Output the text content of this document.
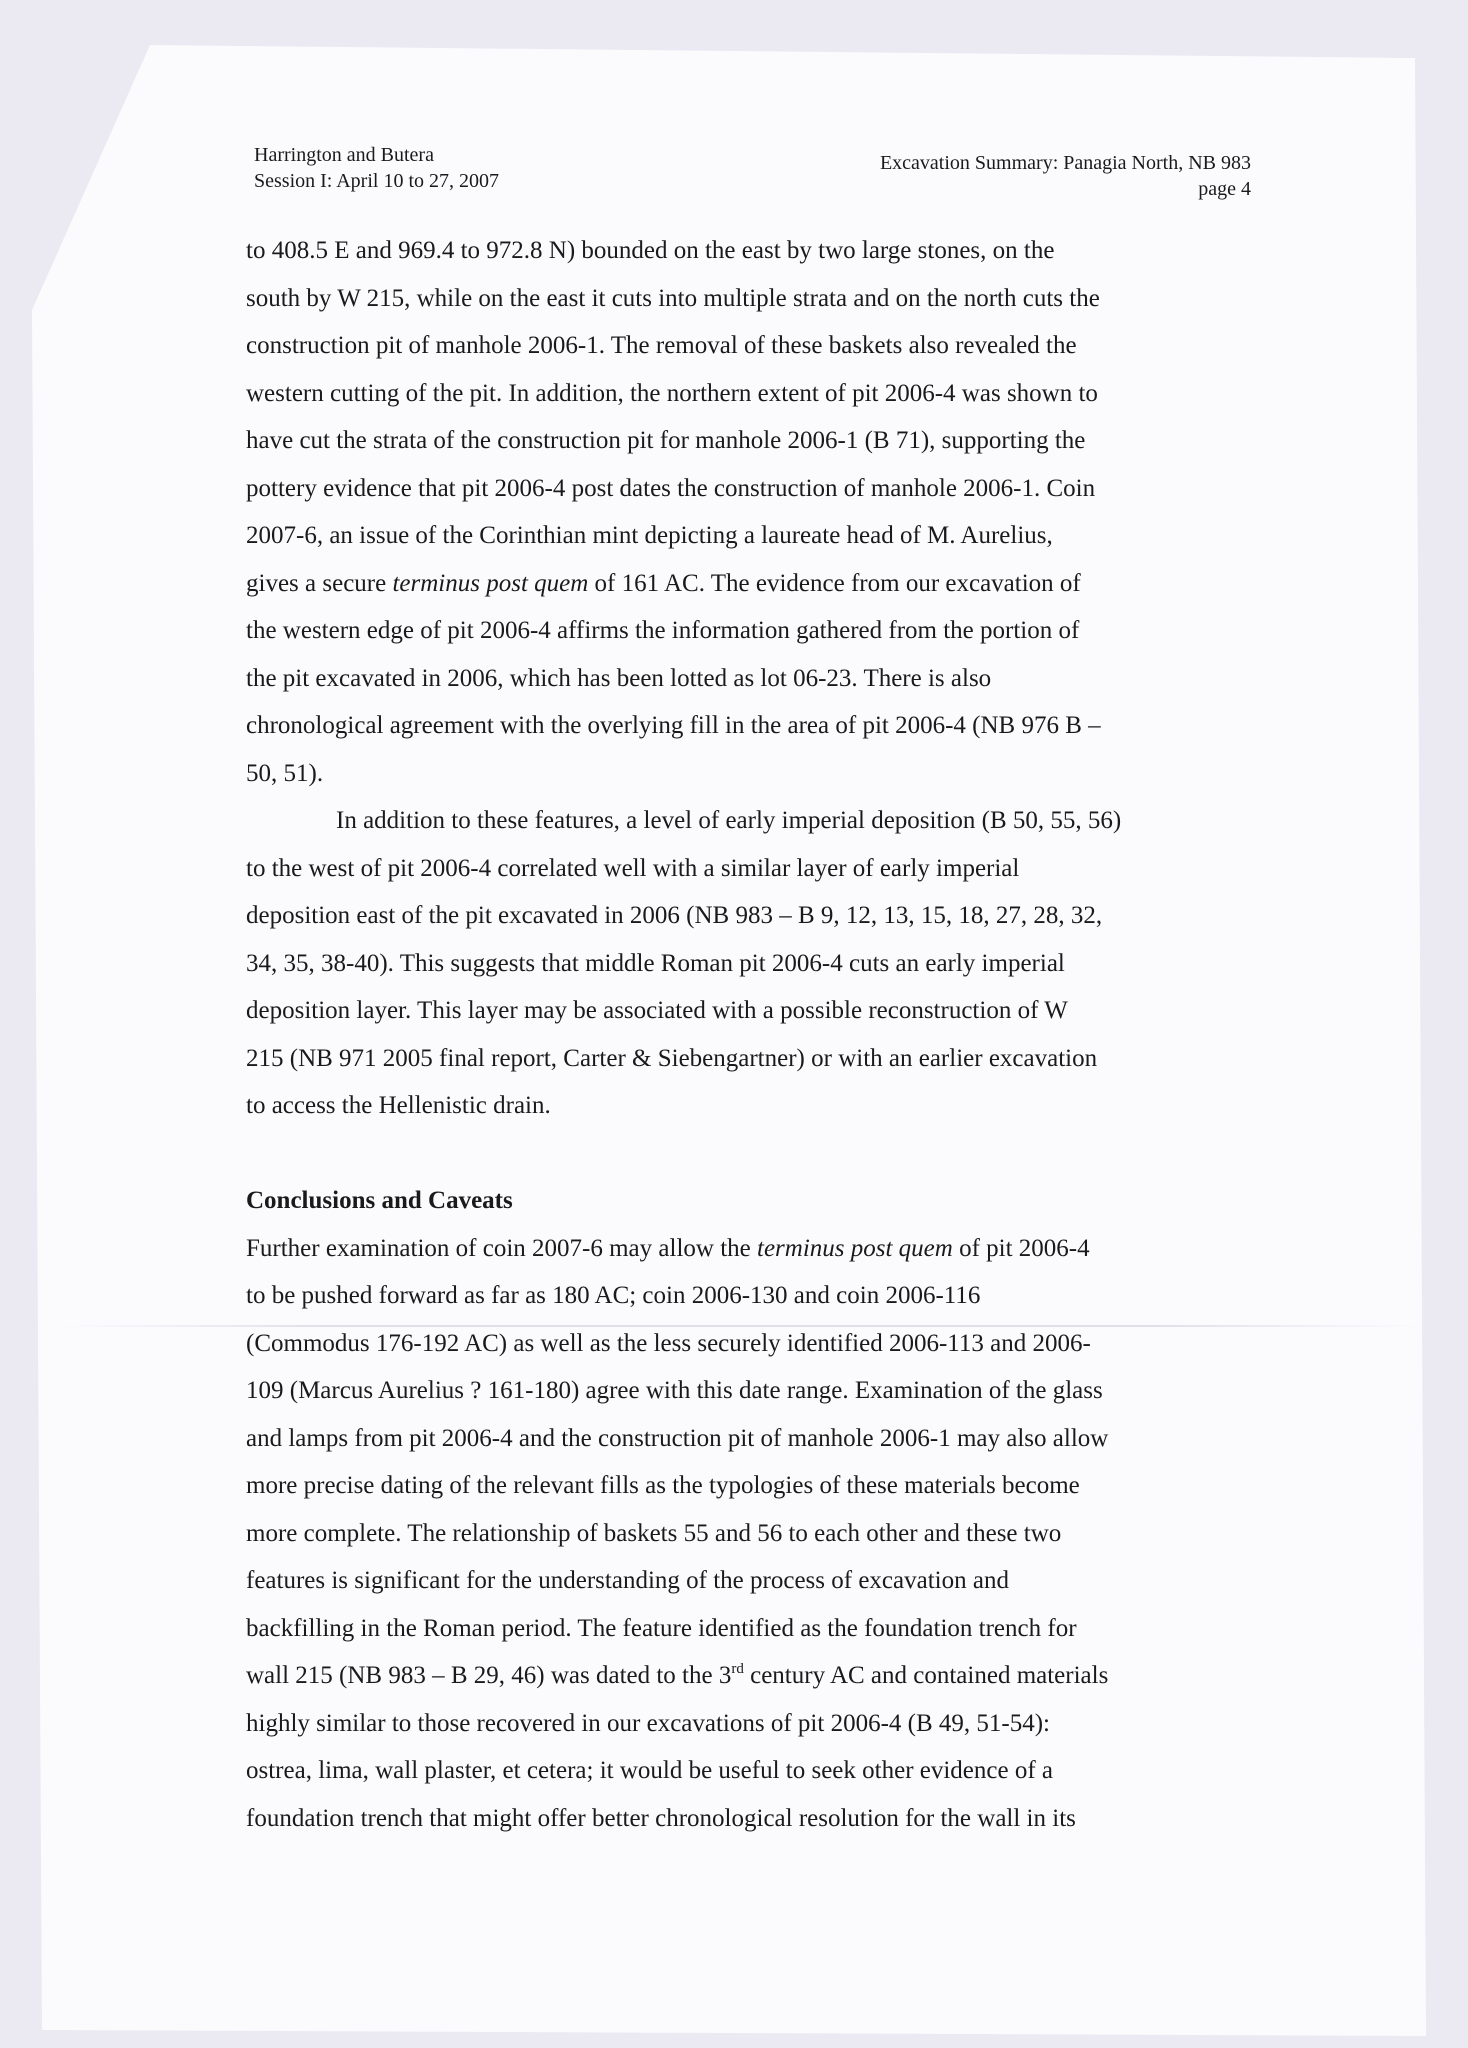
Harrington and Butera
Session I: April 10 to 27, 2007
Excavation Summary: Panagia North, NB 983
page 4
to 408.5 E and 969.4 to 972.8 N) bounded on the east by two large stones, on the
south by W 215, while on the east it cuts into multiple strata and on the north cuts the
construction pit of manhole 2006-1. The removal of these baskets also revealed the
western cutting of the pit. In addition, the northern extent of pit 2006-4 was shown to
have cut the strata of the construction pit for manhole 2006-1 (B 71), supporting the
pottery evidence that pit 2006-4 post dates the construction of manhole 2006-1. Coin
2007-6, an issue of the Corinthian mint depicting a laureate head of M. Aurelius,
gives a secure terminus post quem of 161 AC. The evidence from our excavation of
the western edge of pit 2006-4 affirms the information gathered from the portion of
the pit excavated in 2006, which has been lotted as lot 06-23. There is also
chronological agreement with the overlying fill in the area of pit 2006-4 (NB 976 B –
50, 51).
In addition to these features, a level of early imperial deposition (B 50, 55, 56)
to the west of pit 2006-4 correlated well with a similar layer of early imperial
deposition east of the pit excavated in 2006 (NB 983 – B 9, 12, 13, 15, 18, 27, 28, 32,
34, 35, 38-40). This suggests that middle Roman pit 2006-4 cuts an early imperial
deposition layer. This layer may be associated with a possible reconstruction of W
215 (NB 971 2005 final report, Carter & Siebengartner) or with an earlier excavation
to access the Hellenistic drain.
Conclusions and Caveats
Further examination of coin 2007-6 may allow the terminus post quem of pit 2006-4
to be pushed forward as far as 180 AC; coin 2006-130 and coin 2006-116
(Commodus 176-192 AC) as well as the less securely identified 2006-113 and 2006-
109 (Marcus Aurelius ? 161-180) agree with this date range. Examination of the glass
and lamps from pit 2006-4 and the construction pit of manhole 2006-1 may also allow
more precise dating of the relevant fills as the typologies of these materials become
more complete. The relationship of baskets 55 and 56 to each other and these two
features is significant for the understanding of the process of excavation and
backfilling in the Roman period. The feature identified as the foundation trench for
wall 215 (NB 983 – B 29, 46) was dated to the 3rd century AC and contained materials
highly similar to those recovered in our excavations of pit 2006-4 (B 49, 51-54):
ostrea, lima, wall plaster, et cetera; it would be useful to seek other evidence of a
foundation trench that might offer better chronological resolution for the wall in its
